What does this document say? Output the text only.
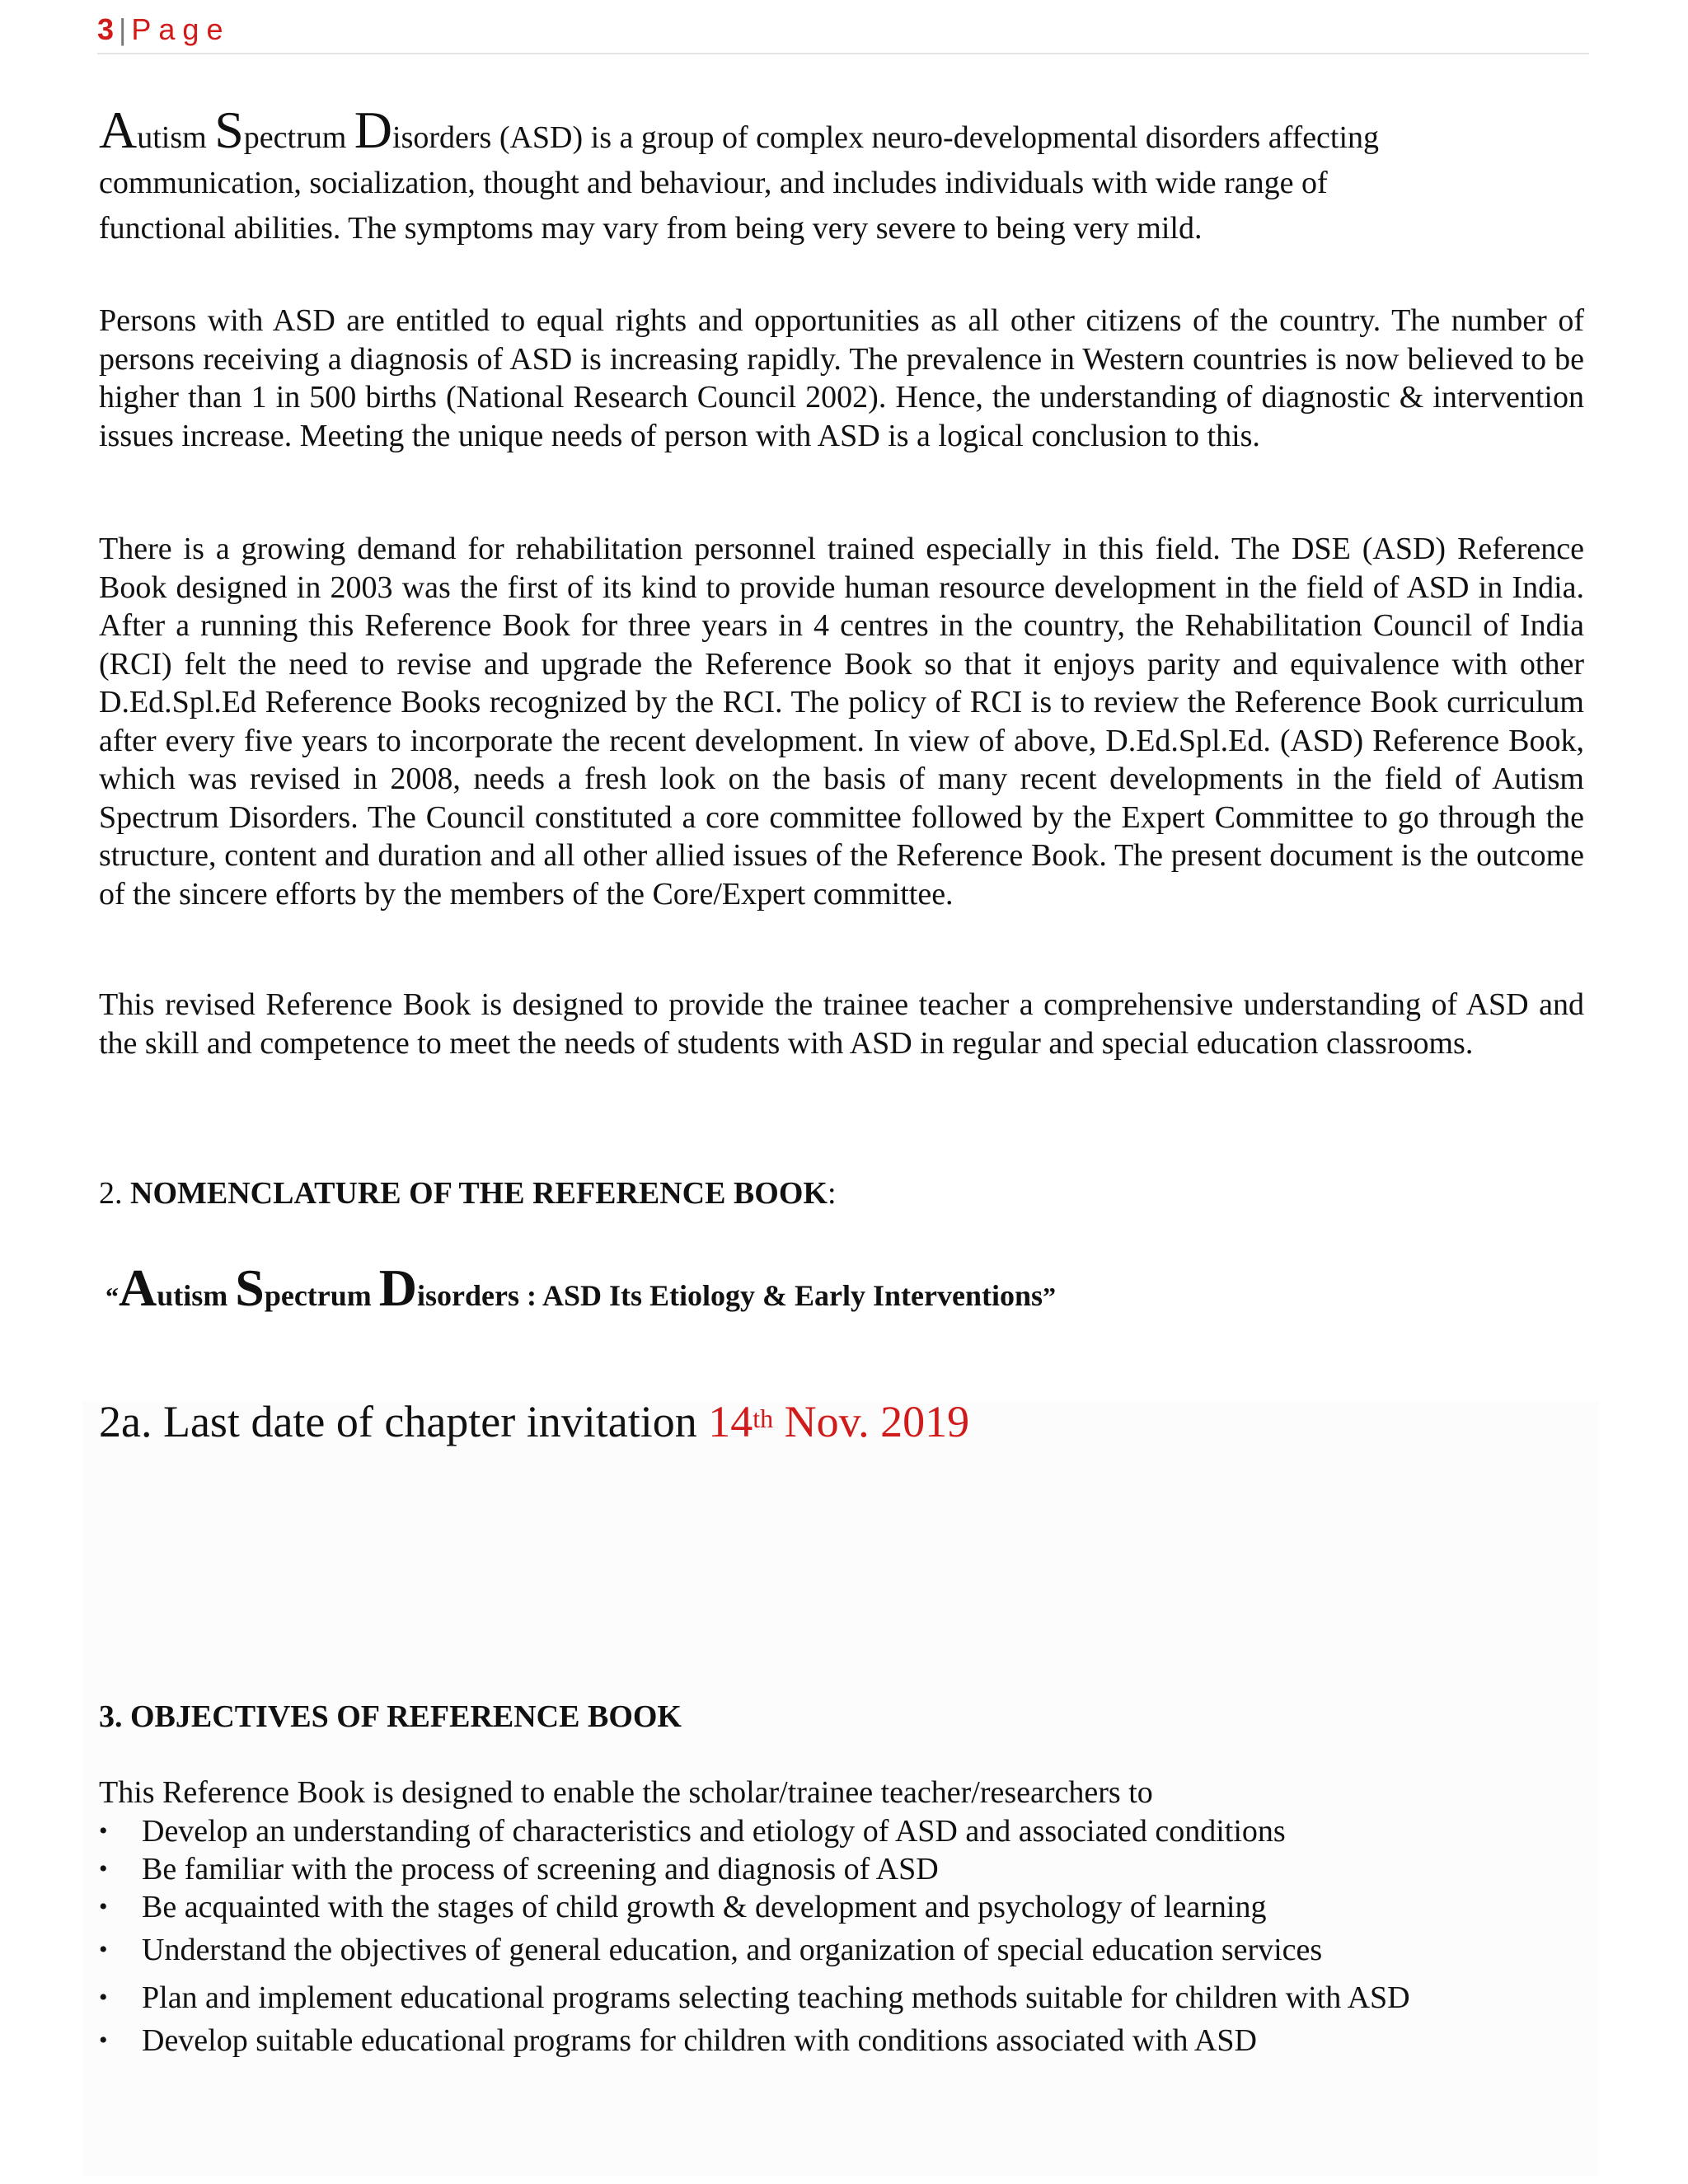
3 | Page

Autism Spectrum Disorders (ASD) is a group of complex neuro-developmental disorders affecting
communication, socialization, thought and behaviour, and includes individuals with wide range of
functional abilities. The symptoms may vary from being very severe to being very mild.

Persons with ASD are entitled to equal rights and opportunities as all other citizens of the country. The number of persons receiving a diagnosis of ASD is increasing rapidly. The prevalence in Western countries is now believed to be higher than 1 in 500 births (National Research Council 2002). Hence, the understanding of diagnostic & intervention issues increase. Meeting the unique needs of person with ASD is a logical conclusion to this.

There is a growing demand for rehabilitation personnel trained especially in this field. The DSE (ASD) Reference Book designed in 2003 was the first of its kind to provide human resource development in the field of ASD in India. After a running this Reference Book for three years in 4 centres in the country, the Rehabilitation Council of India (RCI) felt the need to revise and upgrade the Reference Book so that it enjoys parity and equivalence with other D.Ed.Spl.Ed Reference Books recognized by the RCI. The policy of RCI is to review the Reference Book curriculum after every five years to incorporate the recent development. In view of above, D.Ed.Spl.Ed. (ASD) Reference Book, which was revised in 2008, needs a fresh look on the basis of many recent developments in the field of Autism Spectrum Disorders. The Council constituted a core committee followed by the Expert Committee to go through the structure, content and duration and all other allied issues of the Reference Book. The present document is the outcome of the sincere efforts by the members of the Core/Expert committee.

This revised Reference Book is designed to provide the trainee teacher a comprehensive understanding of ASD and the skill and competence to meet the needs of students with ASD in regular and special education classrooms.

2. NOMENCLATURE OF THE REFERENCE BOOK:

“Autism Spectrum Disorders : ASD Its Etiology & Early Interventions”

2a. Last date of chapter invitation 14th Nov. 2019

3. OBJECTIVES OF REFERENCE BOOK

This Reference Book is designed to enable the scholar/trainee teacher/researchers to

• Develop an understanding of characteristics and etiology of ASD and associated conditions
• Be familiar with the process of screening and diagnosis of ASD
• Be acquainted with the stages of child growth & development and psychology of learning
• Understand the objectives of general education, and organization of special education services
• Plan and implement educational programs selecting teaching methods suitable for children with ASD
• Develop suitable educational programs for children with conditions associated with ASD
